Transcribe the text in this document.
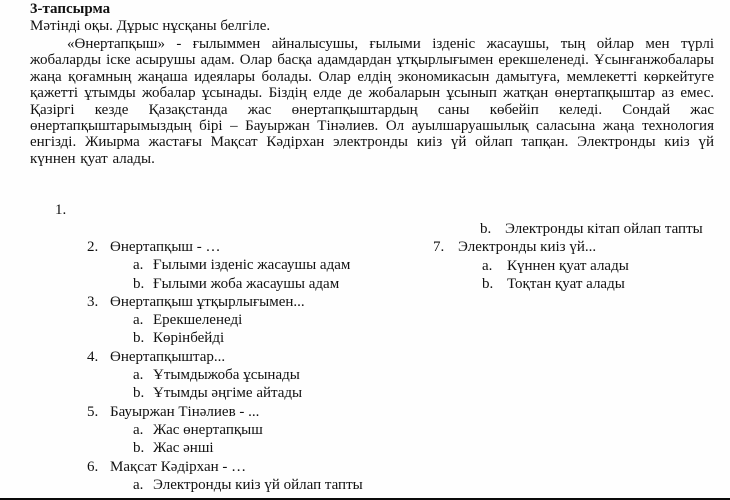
3-тапсырма

Мәтінді оқы. Дұрыс нұсқаны белгіле.

«Өнертапқыш» - ғылыммен айналысушы, ғылыми ізденіс жасаушы, тың ойлар мен түрлі жобаларды іске асырушы адам. Олар басқа адамдардан ұтқырлығымен ерекшеленеді. Ұсынғанжобалары жаңа қоғамның жаңаша идеялары болады. Олар елдің экономикасын дамытуға, мемлекетті көркейтуге қажетті ұтымды жобалар ұсынады. Біздің елде де жобаларын ұсынып жатқан өнертапқыштар аз емес. Қазіргі кезде Қазақстанда жас өнертапқыштардың саны көбейіп келеді. Сондай жас өнертапқыштарымыздың бірі – Бауыржан Тінәлиев. Ол ауылшаруашылық саласына жаңа технология енгізді. Жиырма жастағы Мақсат Кәдірхан электронды киіз үй ойлап тапқан. Электронды киіз үй күннен қуат алады.

1.
2. Өнертапқыш - …
a. Ғылыми ізденіс жасаушы адам
b. Ғылыми жоба жасаушы адам
3. Өнертапқыш ұтқырлығымен...
a. Ерекшеленеді
b. Көрінбейді
4. Өнертапқыштар...
a. Ұтымдыжоба ұсынады
b. Ұтымды әңгіме айтады
5. Бауыржан Тінәлиев - ...
a. Жас өнертапқыш
b. Жас әнші
6. Мақсат Кәдірхан - …
a. Электронды киіз үй ойлап тапты
b. Электронды кітап ойлап тапты
7. Электронды киіз үй...
a. Күннен қуат алады
b. Тоқтан қуат алады
